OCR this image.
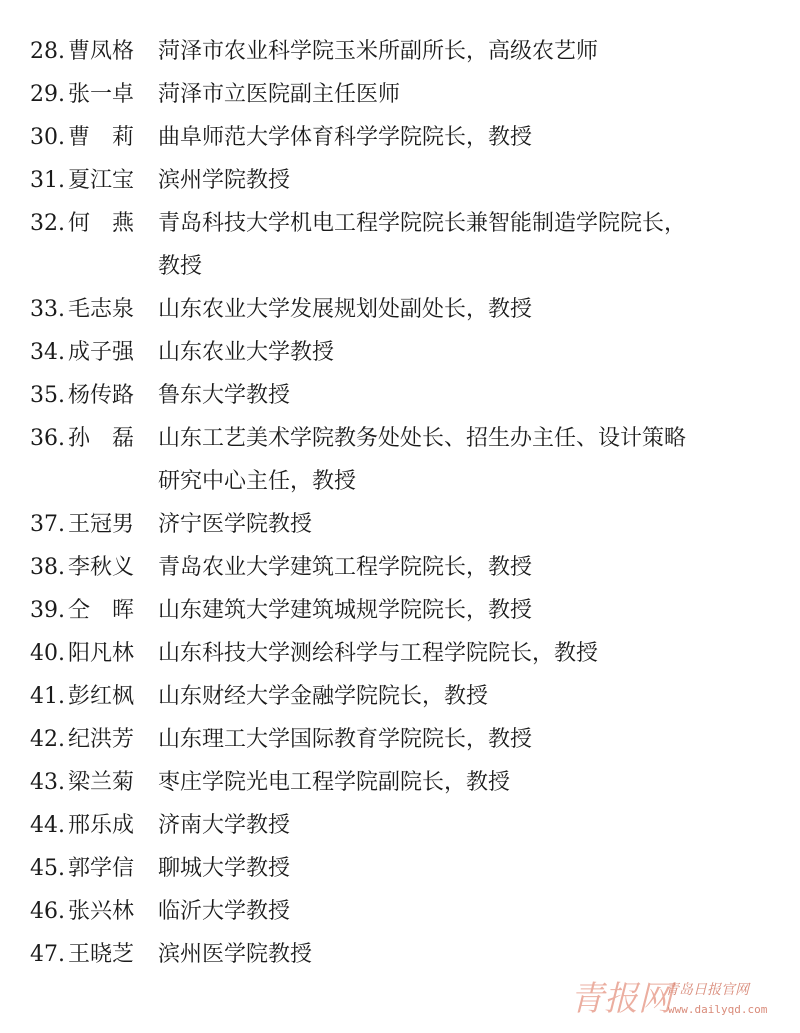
28. 曹凤格	菏泽市农业科学院玉米所副所长，高级农艺师
29. 张一卓	菏泽市立医院副主任医师
30. 曹　莉	曲阜师范大学体育科学学院院长，教授
31. 夏江宝	滨州学院教授
32. 何　燕	青岛科技大学机电工程学院院长兼智能制造学院院长，
教授
33. 毛志泉	山东农业大学发展规划处副处长，教授
34. 成子强	山东农业大学教授
35. 杨传路	鲁东大学教授
36. 孙　磊	山东工艺美术学院教务处处长、招生办主任、设计策略
研究中心主任，教授
37. 王冠男	济宁医学院教授
38. 李秋义	青岛农业大学建筑工程学院院长，教授
39. 仝　晖	山东建筑大学建筑城规学院院长，教授
40. 阳凡林	山东科技大学测绘科学与工程学院院长，教授
41. 彭红枫	山东财经大学金融学院院长，教授
42. 纪洪芳	山东理工大学国际教育学院院长，教授
43. 梁兰菊	枣庄学院光电工程学院副院长，教授
44. 邢乐成	济南大学教授
45. 郭学信	聊城大学教授
46. 张兴林	临沂大学教授
47. 王晓芝	滨州医学院教授
青报网
青岛日报官网
www.dailyqd.com
